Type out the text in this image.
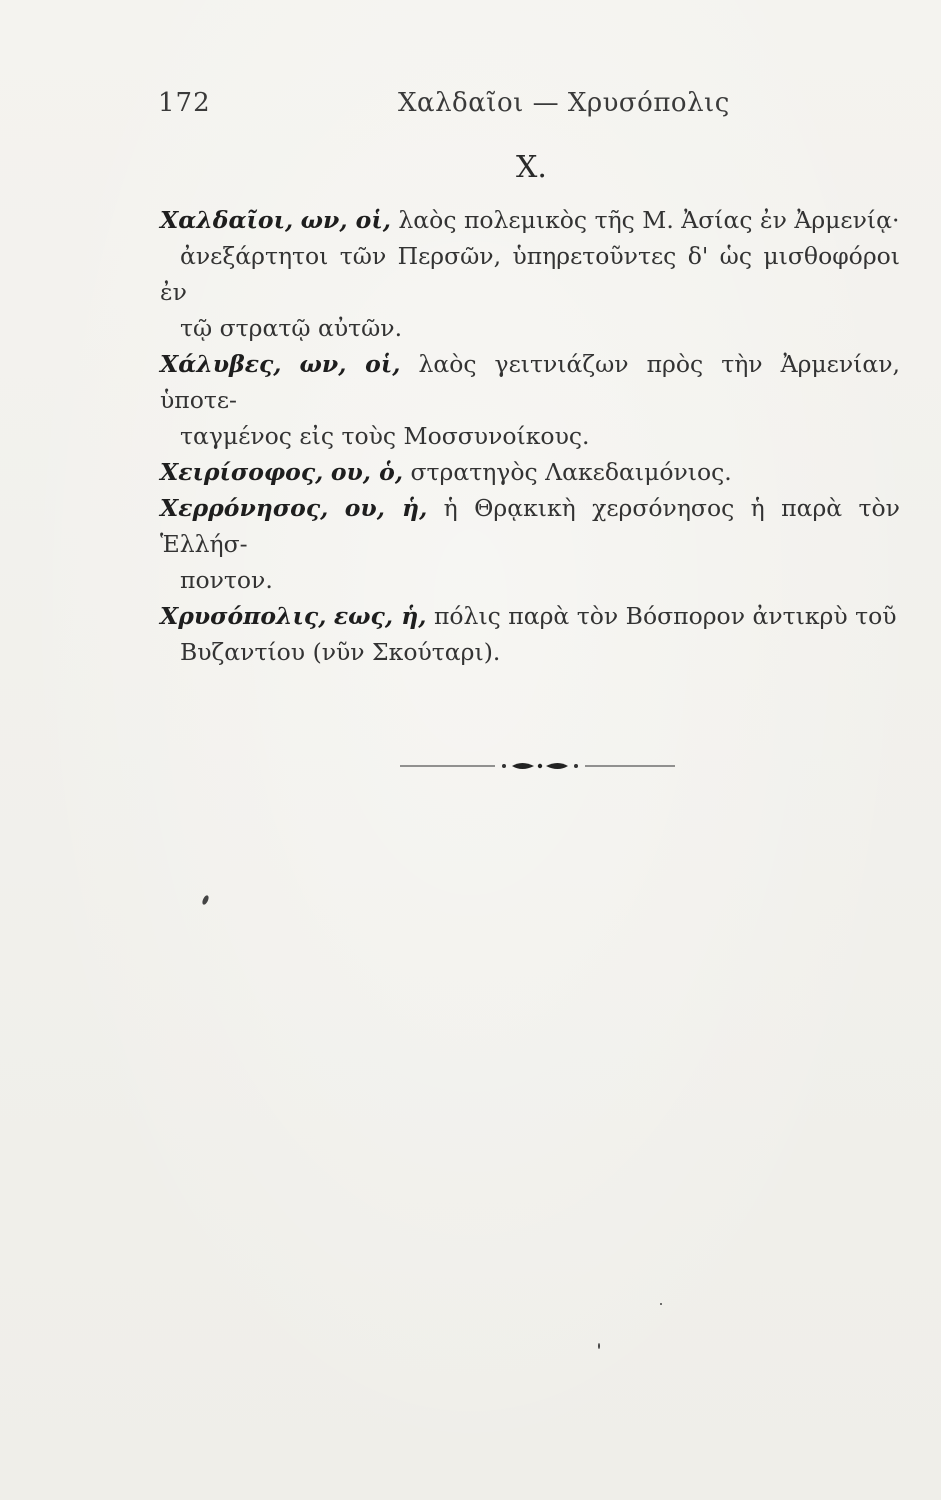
172	Χαλδαῖοι — Χρυσόπολις
Χ.

Χαλδαῖοι, ων, οἱ, λαὸς πολεμικὸς τῆς Μ. Ἀσίας ἐν Ἀρμενίᾳ·
ἀνεξάρτητοι τῶν Περσῶν, ὑπηρετοῦντες δ' ὡς μισθοφόροι ἐν
τῷ στρατῷ αὐτῶν.

Χάλυβες, ων, οἱ, λαὸς γειτνιάζων πρὸς τὴν Ἀρμενίαν, ὑποτε-
ταγμένος εἰς τοὺς Μοσσυνοίκους.

Χειρίσοφος, ου, ὁ, στρατηγὸς Λακεδαιμόνιος.

Χερρόνησος, ου, ἡ, ἡ Θρᾳκικὴ χερσόνησος ἡ παρὰ τὸν Ἑλλήσ-
ποντον.

Χρυσόπολις, εως, ἡ, πόλις παρὰ τὸν Βόσπορον ἀντικρὺ τοῦ
Βυζαντίου (νῦν Σκούταρι).
